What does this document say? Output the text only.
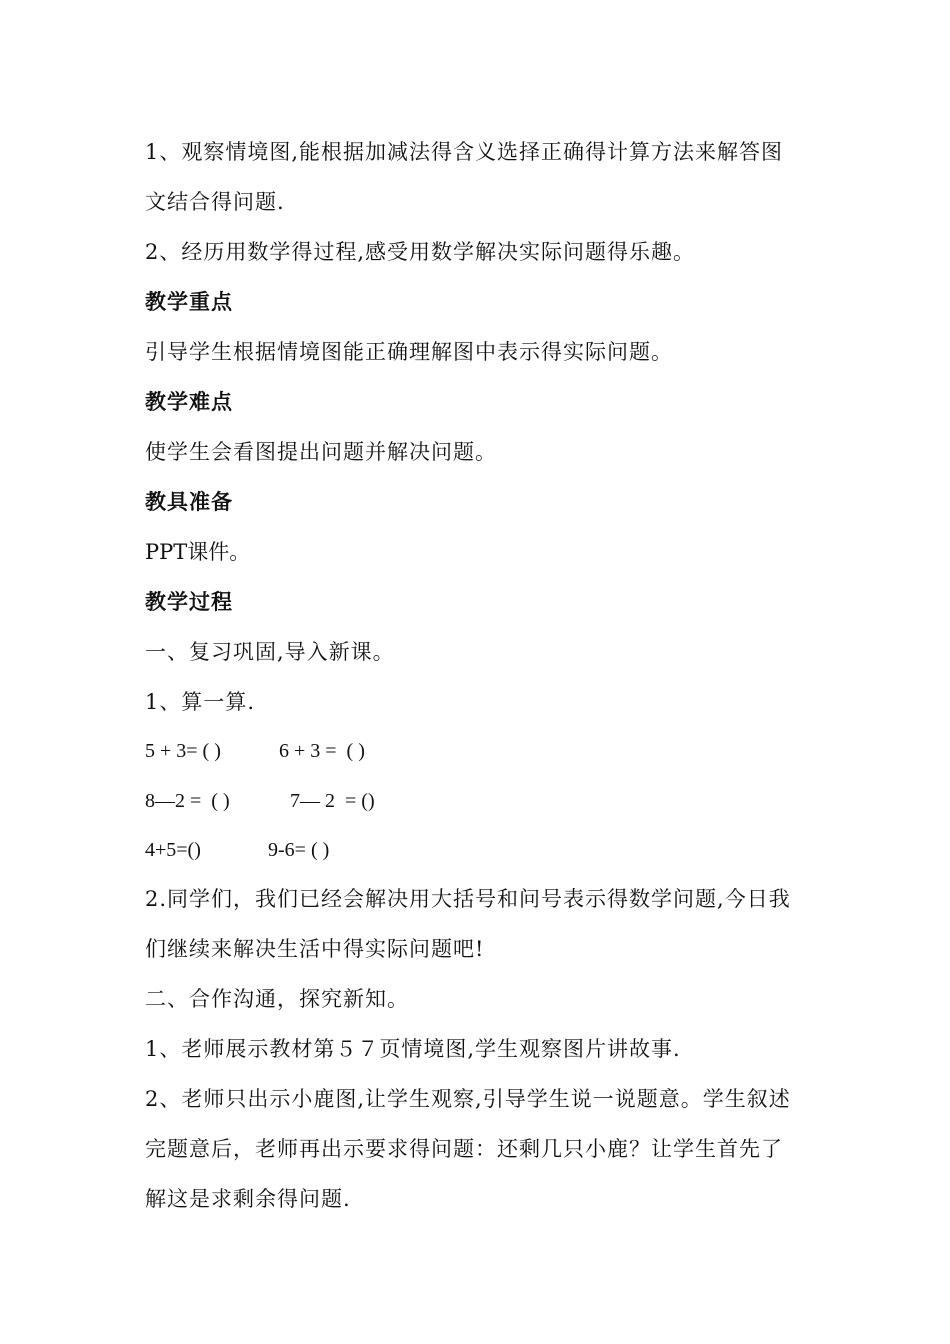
1、观察情境图,能根据加减法得含义选择正确得计算方法来解答图
文结合得问题.
2、经历用数学得过程,感受用数学解决实际问题得乐趣。
教学重点
引导学生根据情境图能正确理解图中表示得实际问题。
教学难点
使学生会看图提出问题并解决问题。
教具准备
PPT课件。
教学过程
一、复习巩固,导入新课。
1、算一算.
5 + 3= ( )	6 + 3 =  ( )
8—2 =  ( )	7— 2  = ()
4+5=()	9-6= ( )
2.同学们，我们已经会解决用大括号和问号表示得数学问题,今日我
们继续来解决生活中得实际问题吧!
二、合作沟通，探究新知。
1、老师展示教材第５７页情境图,学生观察图片讲故事.
2、老师只出示小鹿图,让学生观察,引导学生说一说题意。学生叙述
完题意后，老师再出示要求得问题：还剩几只小鹿？让学生首先了
解这是求剩余得问题.
